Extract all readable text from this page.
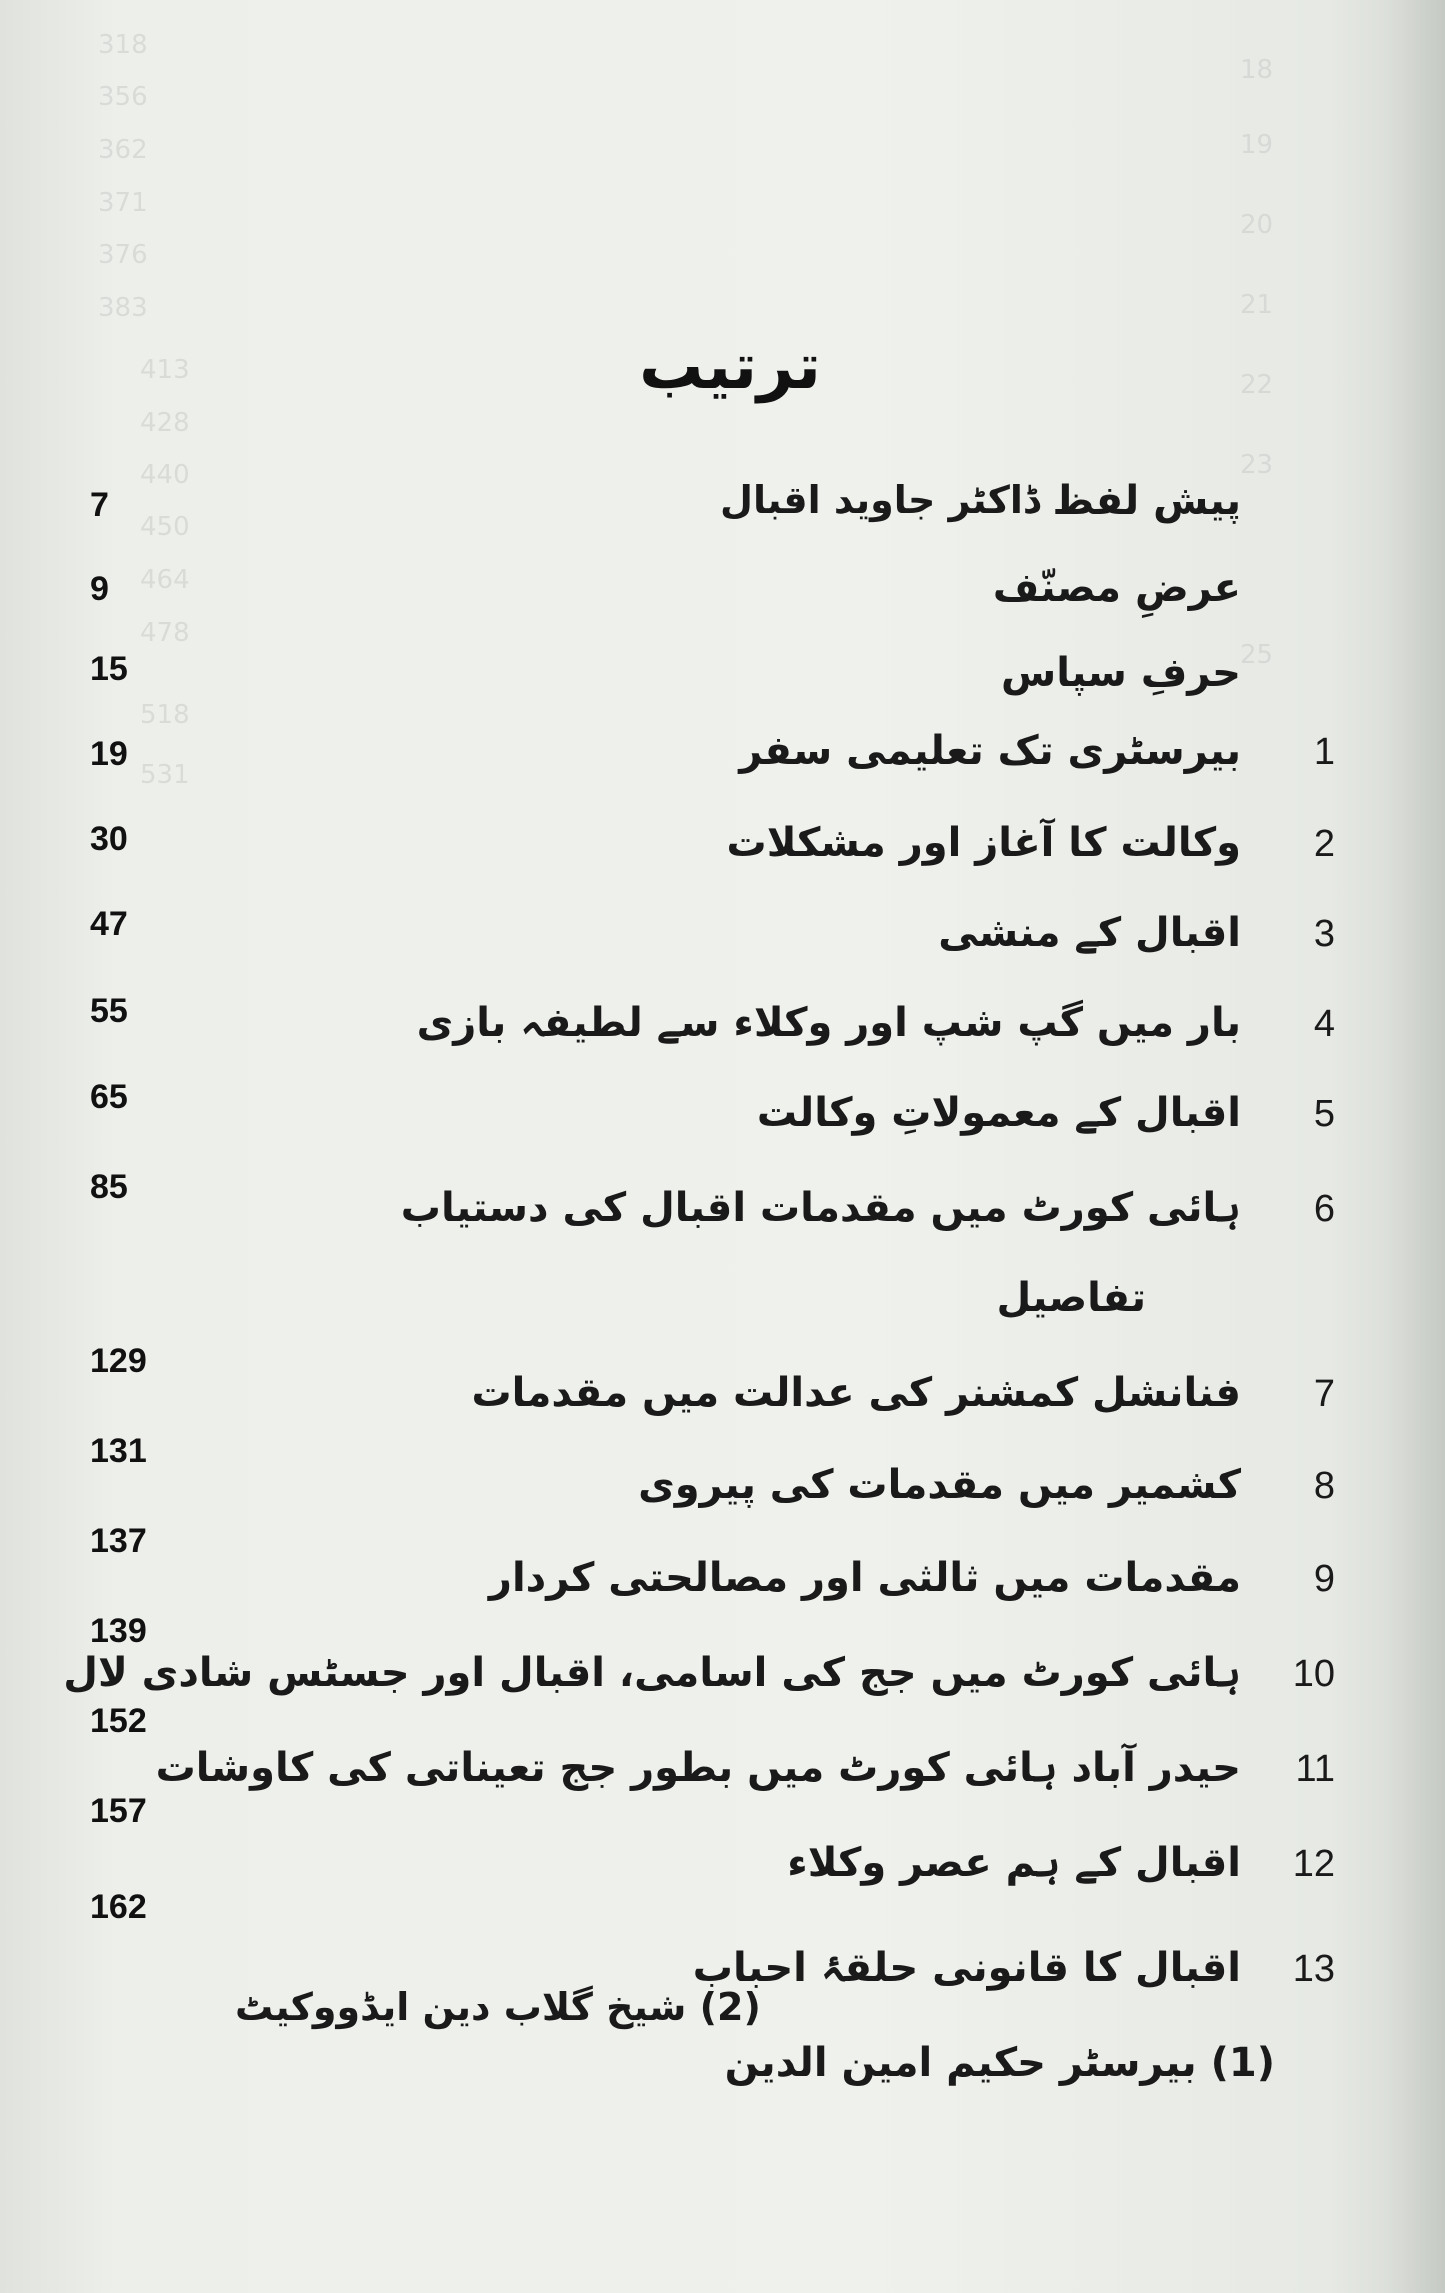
318
356
362
371
376
383
413
428
440
450
464
478
518
531
18
19
20
21
22
23
25
ترتیب
ڈاکٹر جاوید اقبال پیش لفظ
7
عرضِ مصنّف
9
حرفِ سپاس
15
1بیرسٹری تک تعلیمی سفر
19
2وکالت کا آغاز اور مشکلات
30
3اقبال کے منشی
47
4بار میں گپ شپ اور وکلاء سے لطیفہ بازی
55
5اقبال کے معمولاتِ وکالت
65
6ہائی کورٹ میں مقدمات اقبال کی دستیاب
85
تفاصیل
7فنانشل کمشنر کی عدالت میں مقدمات
129
8کشمیر میں مقدمات کی پیروی
131
9مقدمات میں ثالثی اور مصالحتی کردار
137
10ہائی کورٹ میں جج کی اسامی، اقبال اور جسٹس شادی لال
139
11حیدر آباد ہائی کورٹ میں بطور جج تعیناتی کی کاوشات
152
12اقبال کے ہم عصر وکلاء
157
13اقبال کا قانونی حلقۂ احباب
162
(1) بیرسٹر حکیم امین الدین
(2) شیخ گلاب دین ایڈووکیٹ
